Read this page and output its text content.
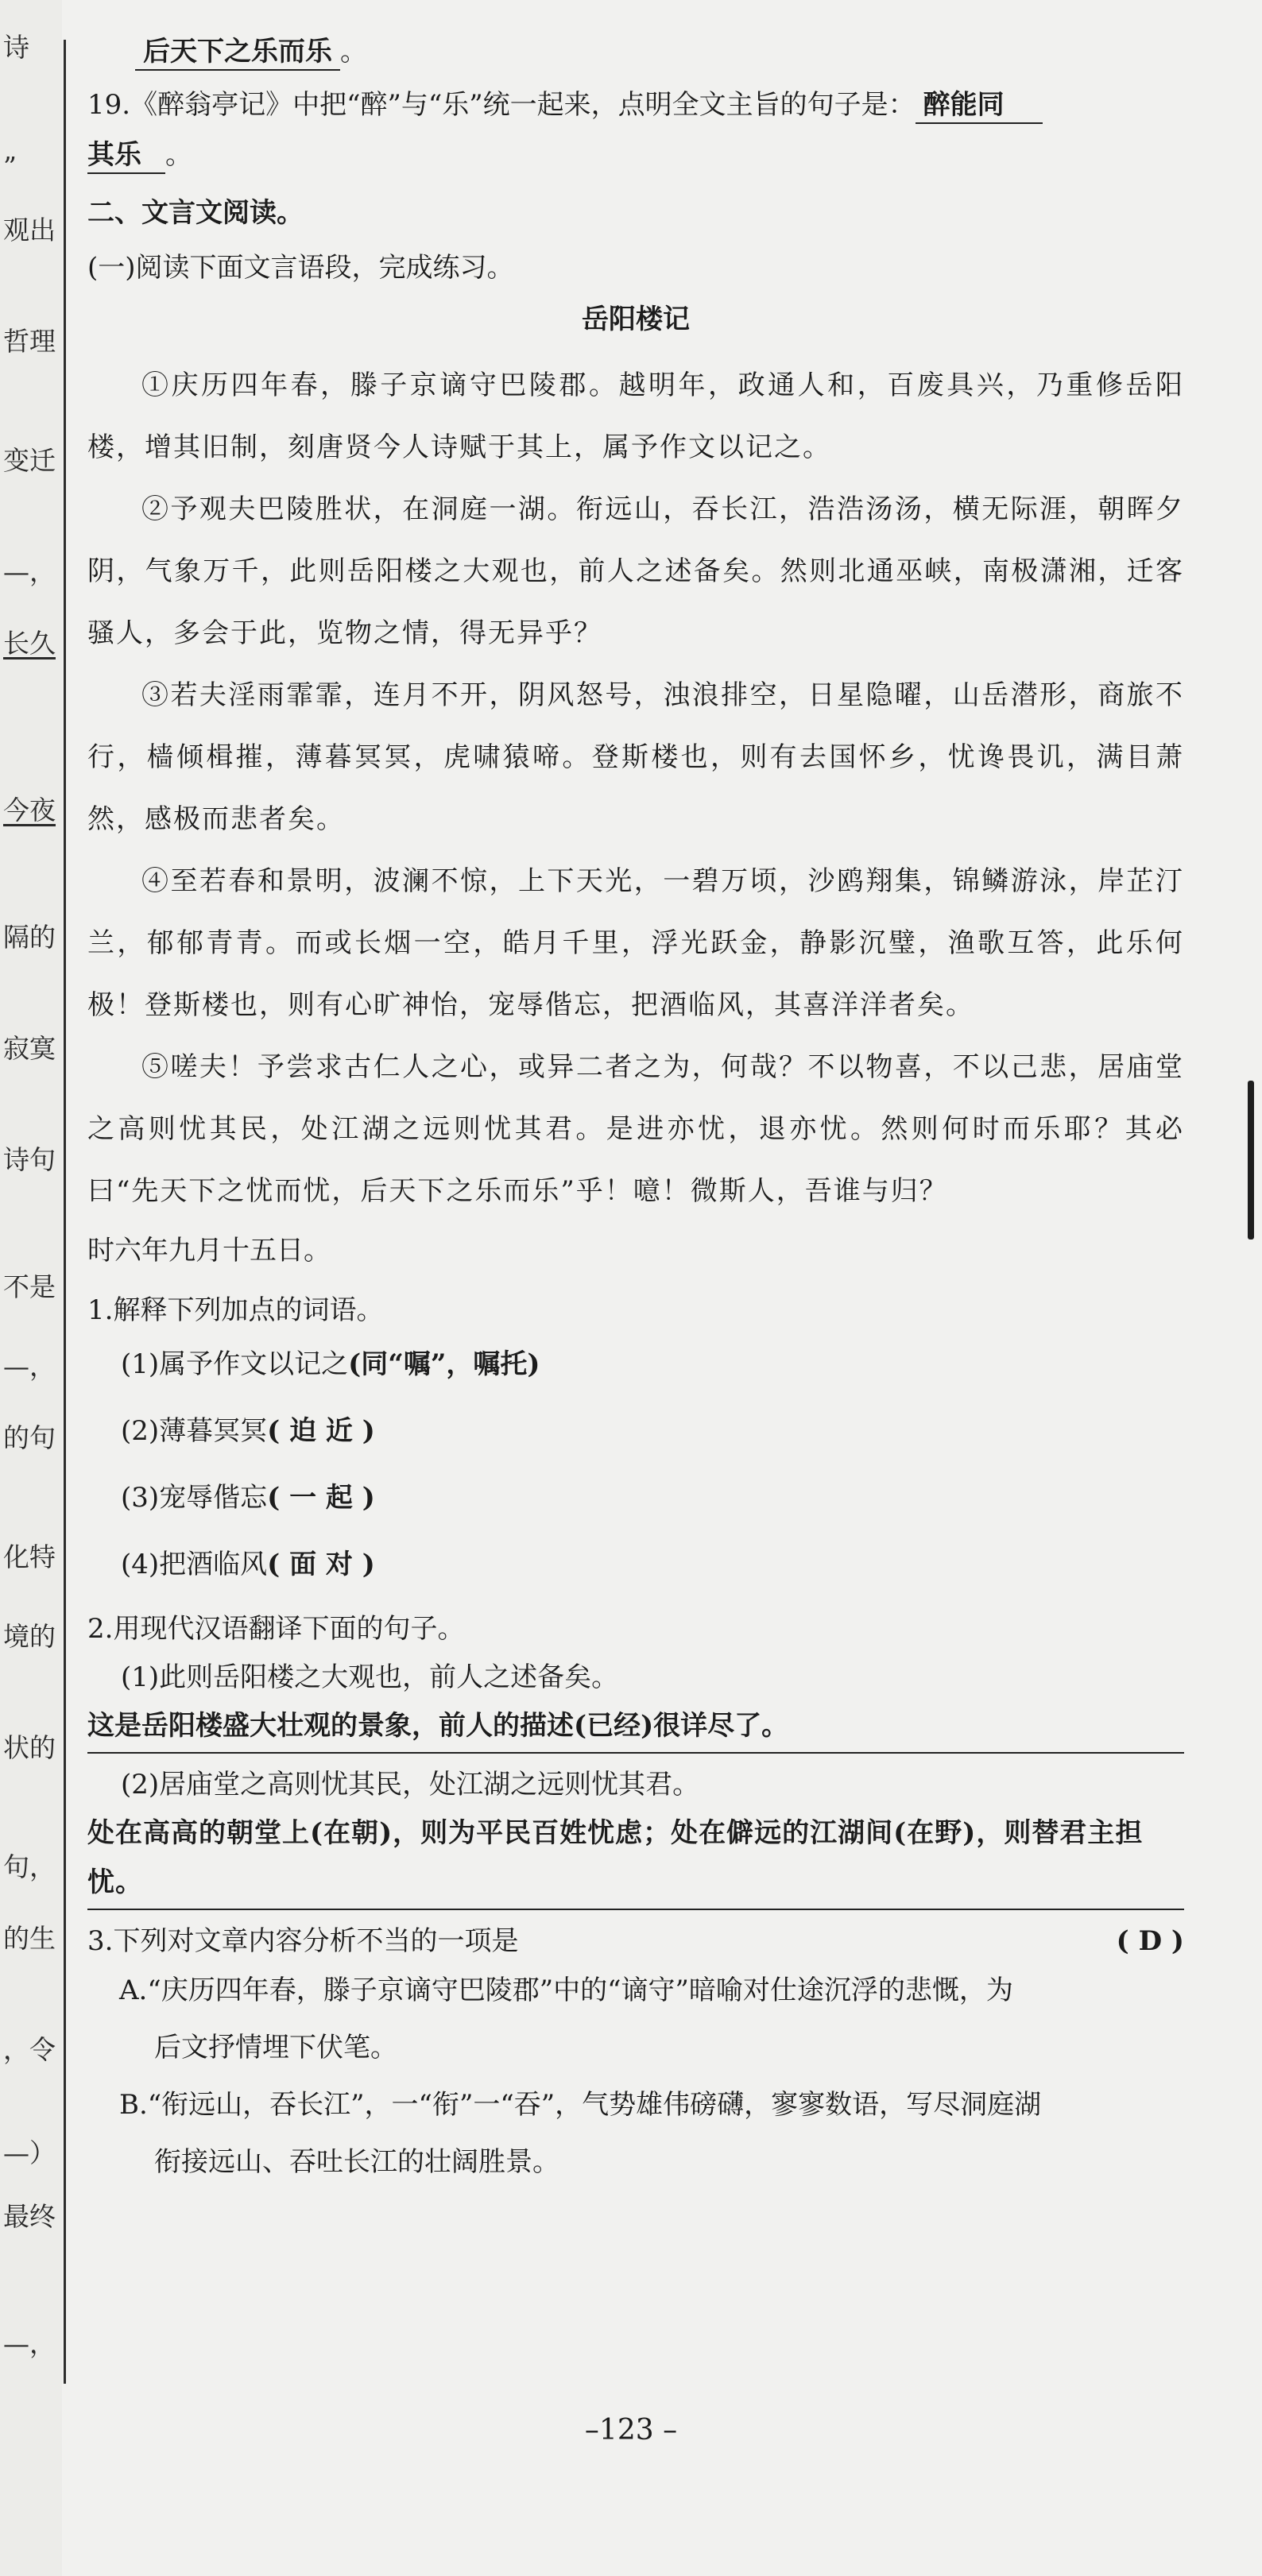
诗
”
观出
哲理
变迁
—，
长久
今夜
隔的
寂寞
诗句
不是
—，
的句
化特
境的
状的
句，
的生
，令
—）
最终
—，
后天下之乐而乐 。
19.《醉翁亭记》中把“醉”与“乐”统一起来，点明全文主旨的句子是： 醉能同
其乐 。
二、文言文阅读。
(一)阅读下面文言语段，完成练习。
岳阳楼记
①庆历四年春，滕子京谪守巴陵郡。越明年，政通人和，百废具兴，乃重修岳阳楼，增其旧制，刻唐贤今人诗赋于其上，属予作文以记之。
②予观夫巴陵胜状，在洞庭一湖。衔远山，吞长江，浩浩汤汤，横无际涯，朝晖夕阴，气象万千，此则岳阳楼之大观也，前人之述备矣。然则北通巫峡，南极潇湘，迁客骚人，多会于此，览物之情，得无异乎？
③若夫淫雨霏霏，连月不开，阴风怒号，浊浪排空，日星隐曜，山岳潜形，商旅不行，樯倾楫摧，薄暮冥冥，虎啸猿啼。登斯楼也，则有去国怀乡，忧谗畏讥，满目萧然，感极而悲者矣。
④至若春和景明，波澜不惊，上下天光，一碧万顷，沙鸥翔集，锦鳞游泳，岸芷汀兰，郁郁青青。而或长烟一空，皓月千里，浮光跃金，静影沉璧，渔歌互答，此乐何极！登斯楼也，则有心旷神怡，宠辱偕忘，把酒临风，其喜洋洋者矣。
⑤嗟夫！予尝求古仁人之心，或异二者之为，何哉？不以物喜，不以己悲，居庙堂之高则忧其民，处江湖之远则忧其君。是进亦忧，退亦忧。然则何时而乐耶？其必曰“先天下之忧而忧，后天下之乐而乐”乎！噫！微斯人，吾谁与归？
时六年九月十五日。
1.解释下列加点的词语。
(1)属予作文以记之(同“嘱”，嘱托)
(2)薄暮冥冥( 迫 近 )
(3)宠辱偕忘( 一 起 )
(4)把酒临风( 面 对 )
2.用现代汉语翻译下面的句子。
(1)此则岳阳楼之大观也，前人之述备矣。
这是岳阳楼盛大壮观的景象，前人的描述(已经)很详尽了。
(2)居庙堂之高则忧其民，处江湖之远则忧其君。
处在高高的朝堂上(在朝)，则为平民百姓忧虑；处在僻远的江湖间(在野)，则替君主担忧。
3.下列对文章内容分析不当的一项是	( D )
A.“庆历四年春，滕子京谪守巴陵郡”中的“谪守”暗喻对仕途沉浮的悲慨，为
后文抒情埋下伏笔。
B.“衔远山，吞长江”，一“衔”一“吞”，气势雄伟磅礴，寥寥数语，写尽洞庭湖
衔接远山、吞吐长江的壮阔胜景。
–123 –
